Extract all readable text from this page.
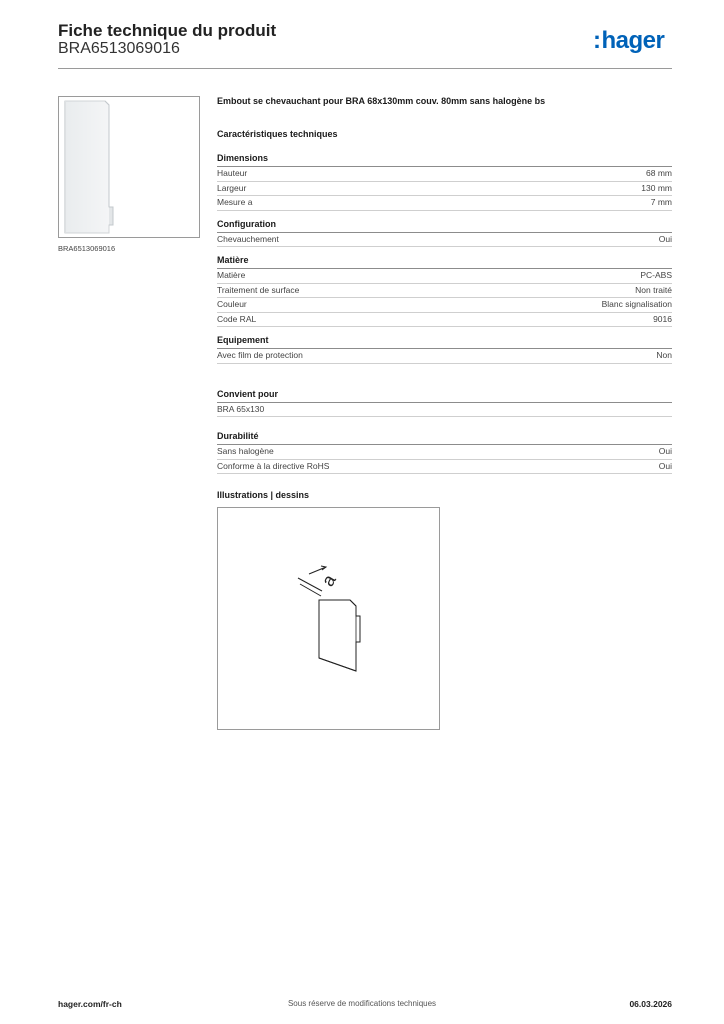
Fiche technique du produit
BRA6513069016	:hager
BRA6513069016
Embout se chevauchant pour BRA 68x130mm couv. 80mm sans halogène bs
Caractéristiques techniques
Dimensions
Hauteur	68 mm
Largeur	130 mm
Mesure a	7 mm
Configuration
Chevauchement	Oui
Matière
Matière	PC-ABS
Traitement de surface	Non traité
Couleur	Blanc signalisation
Code RAL	9016
Equipement
Avec film de protection	Non
Convient pour
BRA 65x130
Durabilité
Sans halogène	Oui
Conforme à la directive RoHS	Oui
Illustrations | dessins
a
hager.com/fr-ch	Sous réserve de modifications techniques	06.03.2026
